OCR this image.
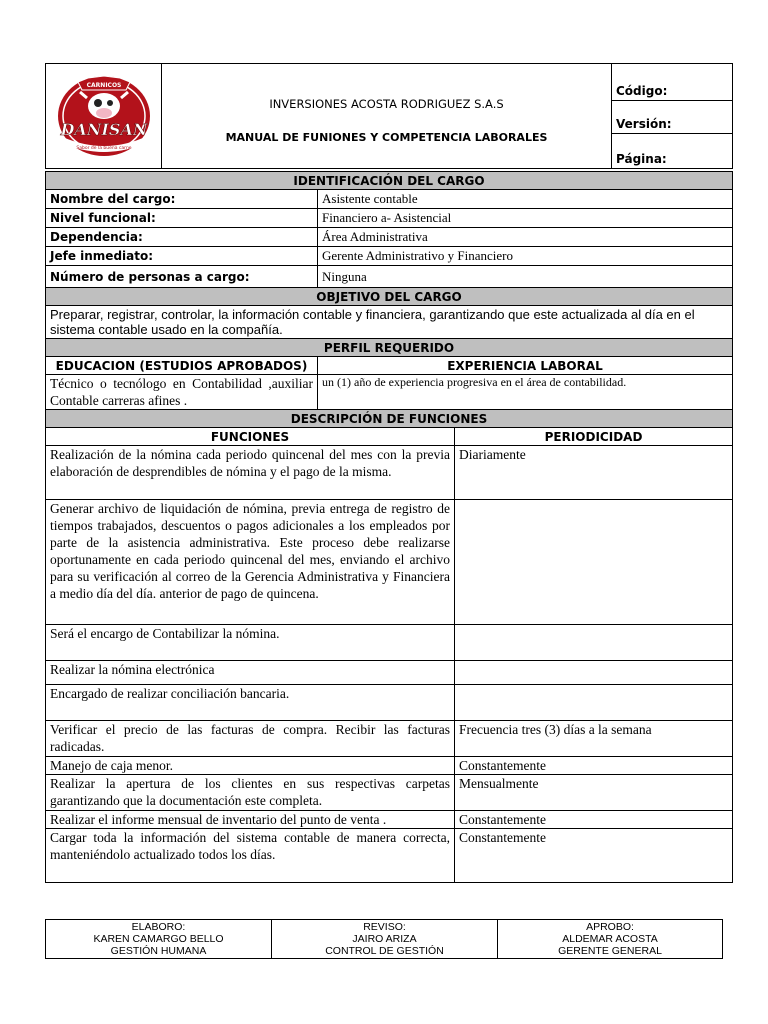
CARNICOS
DANISAN
Sabor de la buena carne

INVERSIONES ACOSTA RODRIGUEZ S.A.S
MANUAL DE FUNIONES Y COMPETENCIA LABORALES
	Código:
Versión:
Página:
IDENTIFICACIÓN DEL CARGO		
Nombre del cargo:	Asistente contable	
Nivel funcional:	Financiero a- Asistencial	
Dependencia:	Área Administrativa	
Jefe inmediato:	Gerente Administrativo y Financiero	
Número de personas a cargo:	Ninguna	
OBJETIVO DEL CARGO		
Preparar, registrar, controlar, la información contable y financiera, garantizando que este actualizada al día en el sistema contable usado en la compañía.		
PERFIL REQUERIDO		
EDUCACION (ESTUDIOS APROBADOS)	EXPERIENCIA LABORAL	
Técnico o tecnólogo en Contabilidad ,auxiliar Contable carreras afines .	un (1) año de experiencia progresiva en el área de contabilidad.	
DESCRIPCIÓN DE FUNCIONES		
FUNCIONES		PERIODICIDAD
Realización de la nómina cada periodo quincenal del mes con la previa elaboración de desprendibles de nómina y el pago de la misma.		Diariamente
Generar archivo de liquidación de nómina, previa entrega de registro de tiempos trabajados, descuentos o pagos adicionales a los empleados por parte de la asistencia administrativa. Este proceso debe realizarse oportunamente en cada periodo quincenal del mes, enviando el archivo para su verificación al correo de la Gerencia Administrativa y Financiera a medio día del día. anterior de pago de quincena.		
Será el encargo de Contabilizar la nómina.		
Realizar la nómina electrónica		
Encargado de realizar conciliación bancaria.		
Verificar el precio de las facturas de compra. Recibir las facturas radicadas.		Frecuencia tres (3) días a la semana
Manejo de caja menor.		Constantemente
Realizar la apertura de los clientes en sus respectivas carpetas garantizando que la documentación este completa.		Mensualmente
Realizar el informe mensual de inventario del punto de venta .		Constantemente
Cargar toda la información del sistema contable de manera correcta, manteniéndolo actualizado todos los días.		Constantemente
ELABORO:
KAREN CAMARGO BELLO
GESTIÓN HUMANA

REVISO:
JAIRO ARIZA
CONTROL DE GESTIÓN

APROBO:
ALDEMAR ACOSTA
GERENTE GENERAL
